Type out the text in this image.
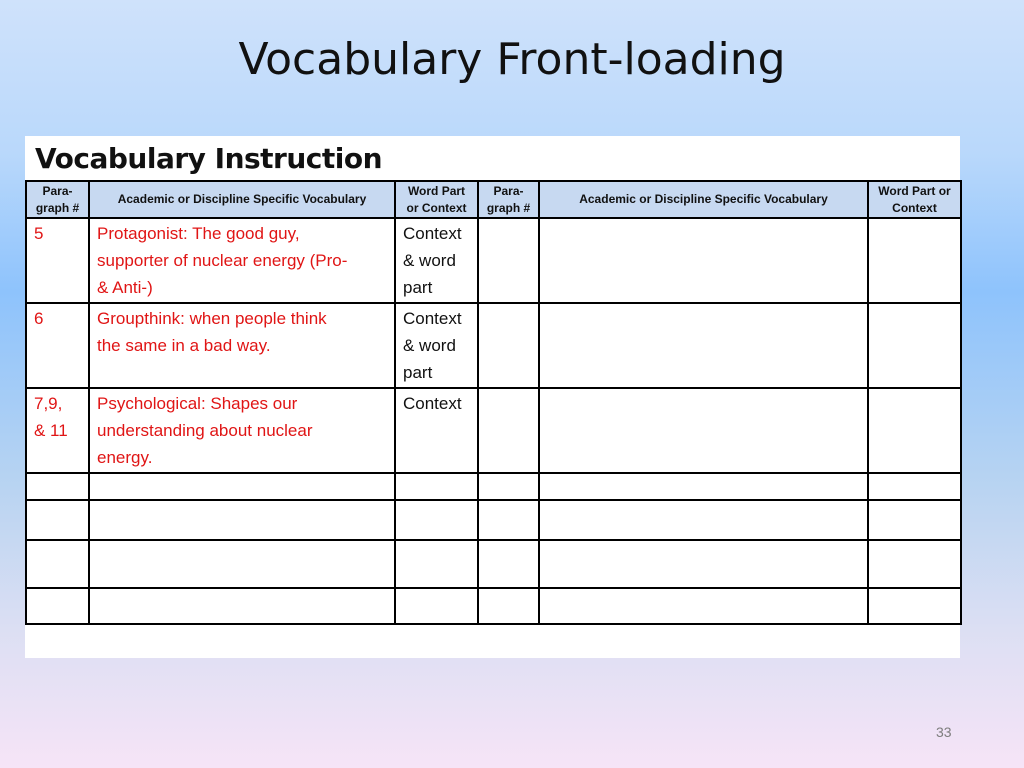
Vocabulary Front-loading
Vocabulary Instruction
Para-
graph #	Academic or Discipline Specific Vocabulary	Word Part
or Context	Para-
graph #	Academic or Discipline Specific Vocabulary	Word Part or
Context

5	Protagonist: The good guy,
supporter of nuclear energy (Pro-
& Anti-)	Context
& word
part			

6	Groupthink: when people think
the same in a bad way.	Context
& word
part			

7,9,
& 11	Psychological: Shapes our
understanding about nuclear
energy.	Context			

33
